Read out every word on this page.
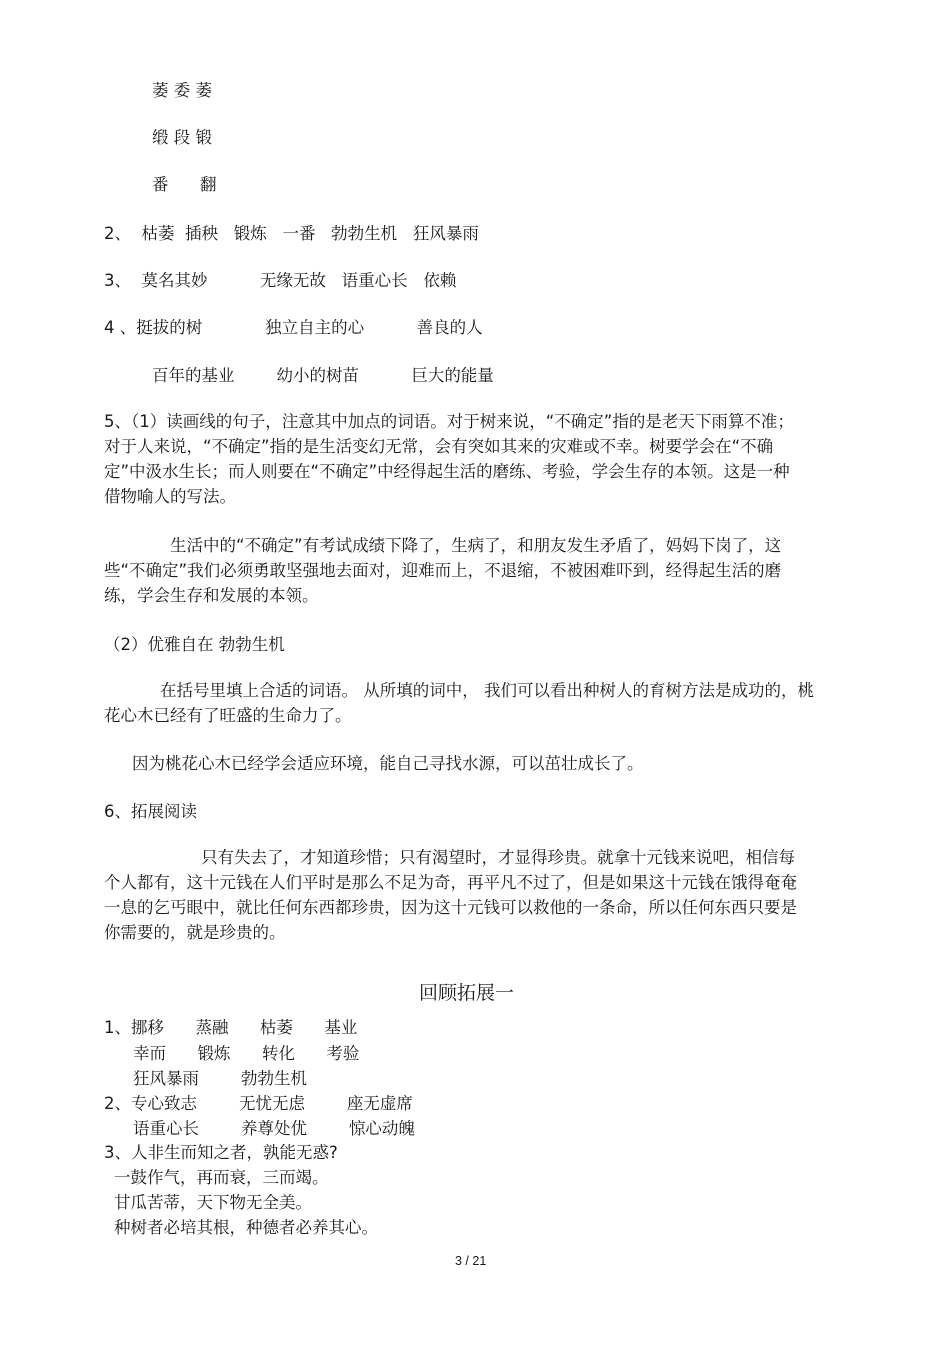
萎 委 萎
缎 段 锻
番      翻
2、  枯萎  插秧   锻炼   一番   勃勃生机   狂风暴雨
3、  莫名其妙          无缘无故   语重心长   依赖
4 、挺拔的树            独立自主的心          善良的人
百年的基业        幼小的树苗          巨大的能量
5、（1）读画线的句子，注意其中加点的词语。对于树来说，“不确定”指的是老天下雨算不准；对于人来说，“不确定”指的是生活变幻无常，会有突如其来的灾难或不幸。树要学会在“不确定”中汲水生长；而人则要在“不确定”中经得起生活的磨练、考验，学会生存的本领。这是一种借物喻人的写法。
生活中的“不确定”有考试成绩下降了，生病了，和朋友发生矛盾了，妈妈下岗了，这些“不确定”我们必须勇敢坚强地去面对，迎难而上，不退缩，不被困难吓到，经得起生活的磨练，学会生存和发展的本领。
（2）优雅自在 勃勃生机
在括号里填上合适的词语。 从所填的词中， 我们可以看出种树人的育树方法是成功的，桃花心木已经有了旺盛的生命力了。
因为桃花心木已经学会适应环境，能自己寻找水源，可以茁壮成长了。
6、拓展阅读
只有失去了，才知道珍惜；只有渴望时，才显得珍贵。就拿十元钱来说吧，相信每个人都有，这十元钱在人们平时是那么不足为奇，再平凡不过了，但是如果这十元钱在饿得奄奄一息的乞丐眼中，就比任何东西都珍贵，因为这十元钱可以救他的一条命，所以任何东西只要是你需要的，就是珍贵的。
回顾拓展一
1、挪移      蒸融      枯萎      基业
幸而      锻炼      转化      考验
狂风暴雨        勃勃生机
2、专心致志        无忧无虑        座无虚席
语重心长        养尊处优        惊心动魄
3、人非生而知之者，孰能无惑?
一鼓作气，再而衰，三而竭。
甘瓜苦蒂，天下物无全美。
种树者必培其根，种德者必养其心。
3 / 21
